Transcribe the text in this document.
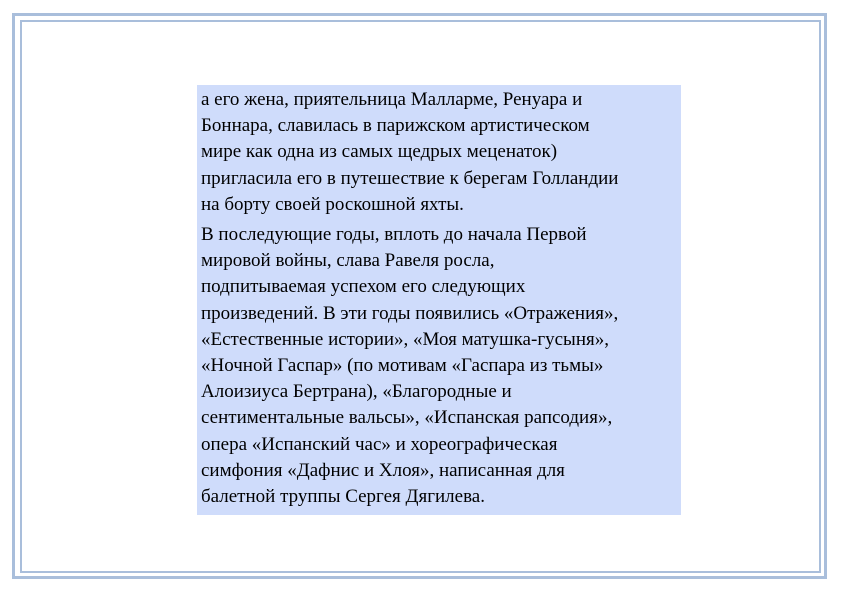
а его жена, приятельница Малларме, Ренуара и
Боннара, славилась в парижском артистическом
мире как одна из самых щедрых меценаток)
пригласила его в путешествие к берегам Голландии
на борту своей роскошной яхты.

В последующие годы, вплоть до начала Первой
мировой войны, слава Равеля росла,
подпитываемая успехом его следующих
произведений. В эти годы появились «Отражения»,
«Естественные истории», «Моя матушка-гусыня»,
«Ночной Гаспар» (по мотивам «Гаспара из тьмы»
Алоизиуса Бертрана), «Благородные и
сентиментальные вальсы», «Испанская рапсодия»,
опера «Испанский час» и хореографическая
симфония «Дафнис и Хлоя», написанная для
балетной труппы Сергея Дягилева.
